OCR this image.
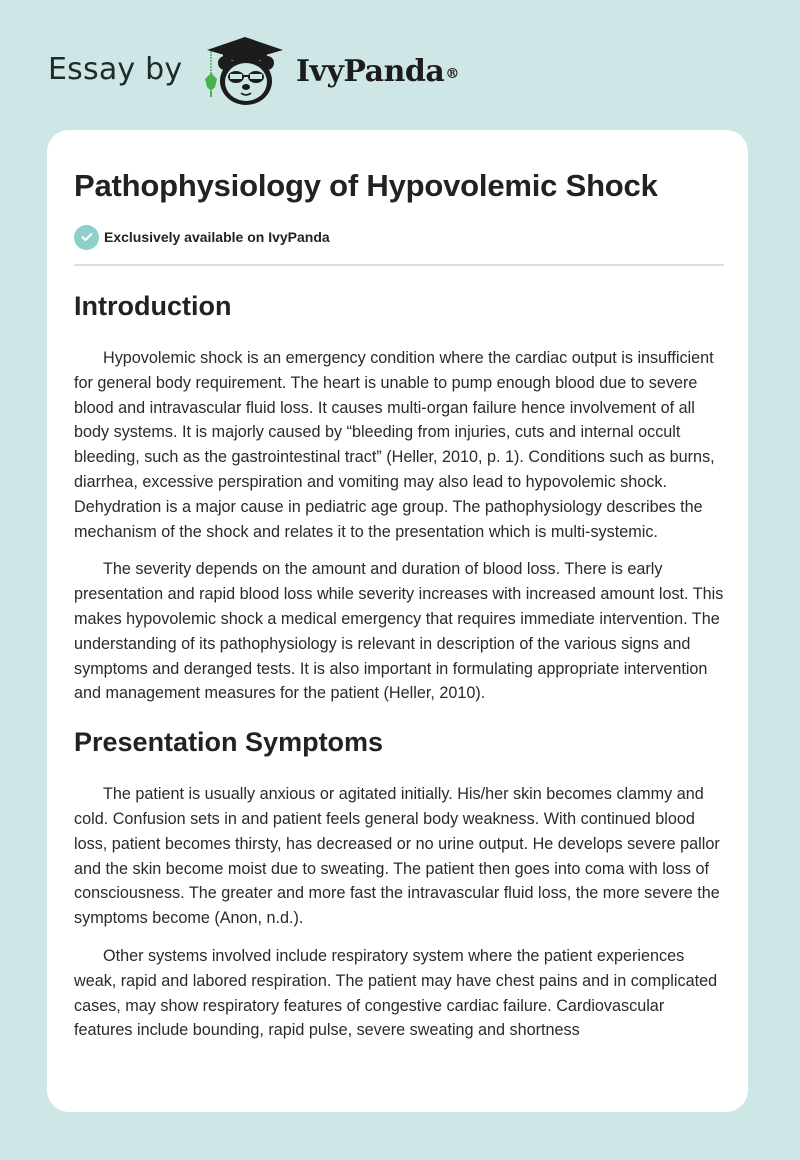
Essay by	IvyPanda®
Pathophysiology of Hypovolemic Shock
Exclusively available on IvyPanda
Introduction

Hypovolemic shock is an emergency condition where the cardiac output is insufficient for general body requirement. The heart is unable to pump enough blood due to severe blood and intravascular fluid loss. It causes multi-organ failure hence involvement of all body systems. It is majorly caused by “bleeding from injuries, cuts and internal occult bleeding, such as the gastrointestinal tract” (Heller, 2010, p. 1). Conditions such as burns, diarrhea, excessive perspiration and vomiting may also lead to hypovolemic shock. Dehydration is a major cause in pediatric age group. The pathophysiology describes the mechanism of the shock and relates it to the presentation which is multi-systemic.

The severity depends on the amount and duration of blood loss. There is early presentation and rapid blood loss while severity increases with increased amount lost. This makes hypovolemic shock a medical emergency that requires immediate intervention. The understanding of its pathophysiology is relevant in description of the various signs and symptoms and deranged tests. It is also important in formulating appropriate intervention and management measures for the patient (Heller, 2010).

Presentation Symptoms

The patient is usually anxious or agitated initially. His/her skin becomes clammy and cold. Confusion sets in and patient feels general body weakness. With continued blood loss, patient becomes thirsty, has decreased or no urine output. He develops severe pallor and the skin become moist due to sweating. The patient then goes into coma with loss of consciousness. The greater and more fast the intravascular fluid loss, the more severe the symptoms become (Anon, n.d.).

Other systems involved include respiratory system where the patient experiences weak, rapid and labored respiration. The patient may have chest pains and in complicated cases, may show respiratory features of congestive cardiac failure. Cardiovascular features include bounding, rapid pulse, severe sweating and shortness
